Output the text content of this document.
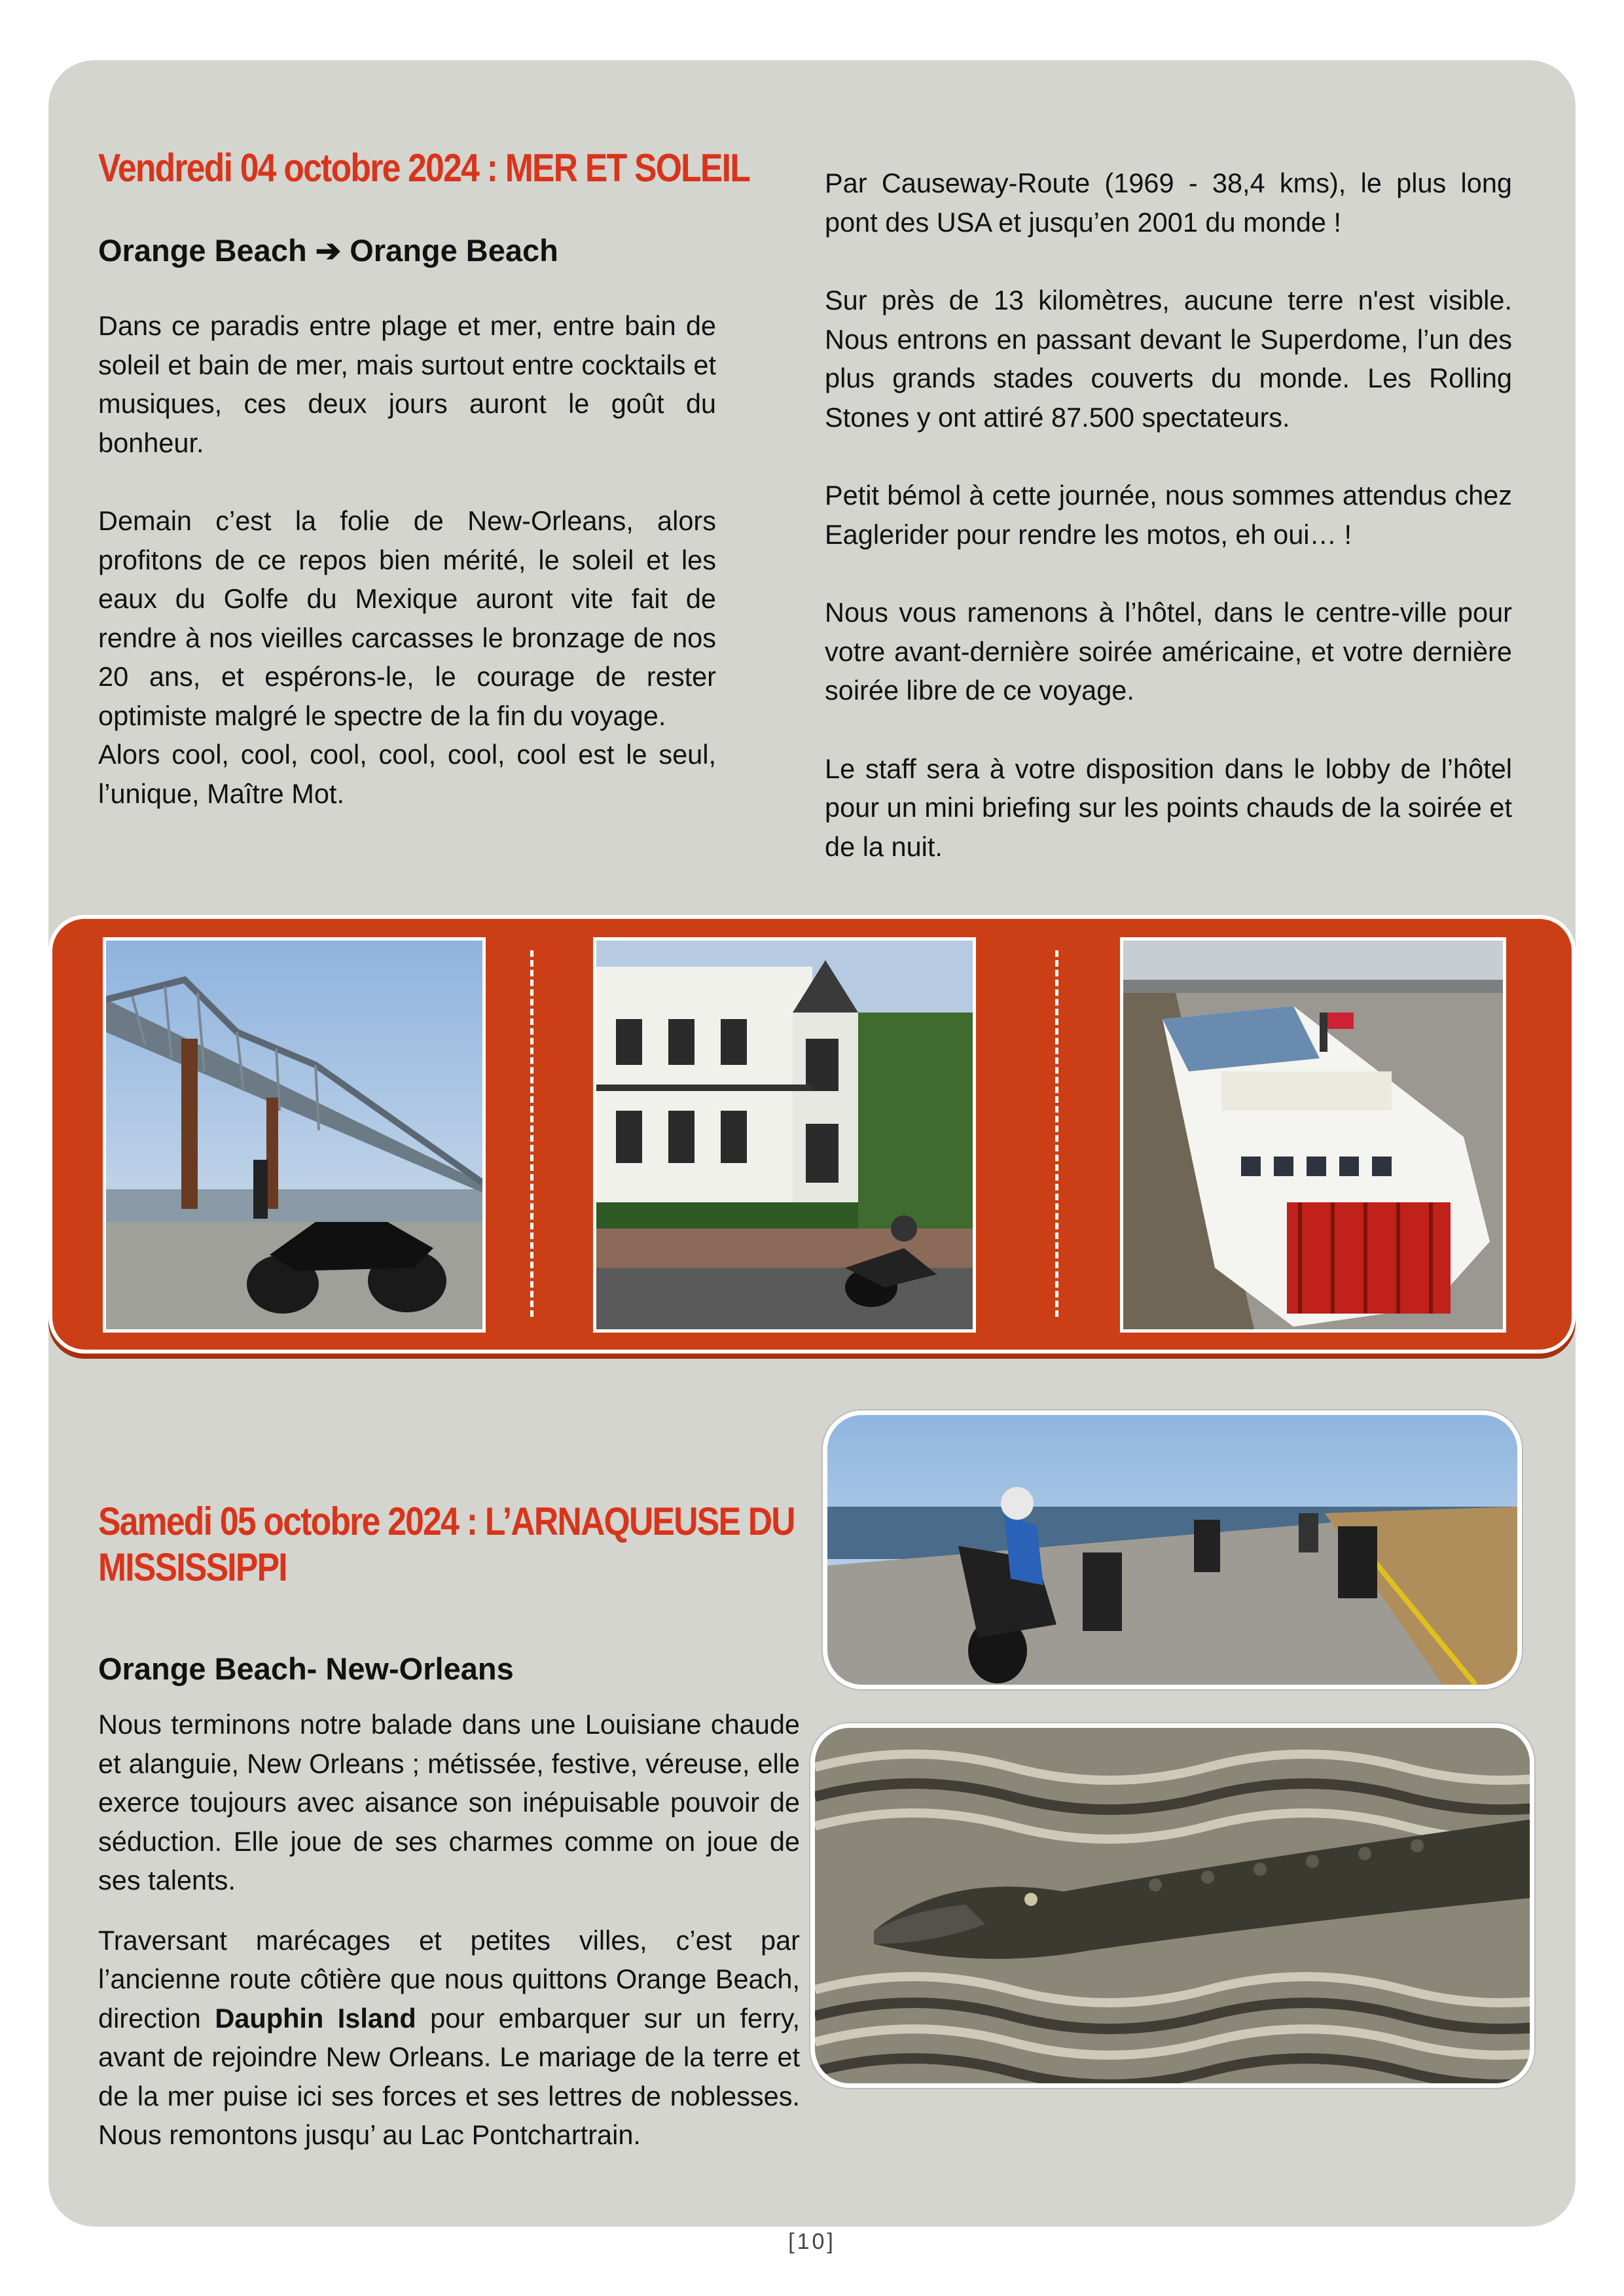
Vendredi 04 octobre 2024 : MER ET SOLEIL
Orange Beach ➔ Orange Beach

Dans ce paradis entre plage et mer, entre bain de soleil et bain de mer, mais surtout entre cocktails et musiques, ces deux jours auront le goût du bonheur.

Demain c’est la folie de New-Orleans, alors profitons de ce repos bien mérité, le soleil et les eaux du Golfe du Mexique auront vite fait de rendre à nos vieilles carcasses le bronzage de nos 20 ans, et espérons-le, le courage de rester optimiste malgré le spectre de la fin du voyage.

Alors cool, cool, cool, cool, cool, cool est le seul, l’unique, Maître Mot.

Par Causeway-Route (1969 - 38,4 kms), le plus long pont des USA et jusqu’en 2001 du monde !

Sur près de 13 kilomètres, aucune terre n'est visible. Nous entrons en passant devant le Superdome, l’un des plus grands stades couverts du monde. Les Rolling Stones y ont attiré 87.500 spectateurs.

Petit bémol à cette journée, nous sommes attendus chez Eaglerider pour rendre les motos, eh oui… !

Nous vous ramenons à l’hôtel, dans le centre-ville pour votre avant-dernière soirée américaine, et votre dernière soirée libre de ce voyage.

Le staff sera à votre disposition dans le lobby de l’hôtel pour un mini briefing sur les points chauds de la soirée et de la nuit.

Samedi 05 octobre 2024 : L’ARNAQUEUSE DU
MISSISSIPPI
Orange Beach- New-Orleans

Nous terminons notre balade dans une Louisiane chaude et alanguie, New Orleans ; métissée, festive, véreuse, elle exerce toujours avec aisance son inépuisable pouvoir de séduction. Elle joue de ses charmes comme on joue de ses talents.

Traversant marécages et petites villes, c’est par l’ancienne route côtière que nous quittons Orange Beach, direction Dauphin Island pour embarquer sur un ferry, avant de rejoindre New Orleans. Le mariage de la terre et de la mer puise ici ses forces et ses lettres de noblesses. Nous remontons jusqu’ au Lac Pontchartrain.

[10]
